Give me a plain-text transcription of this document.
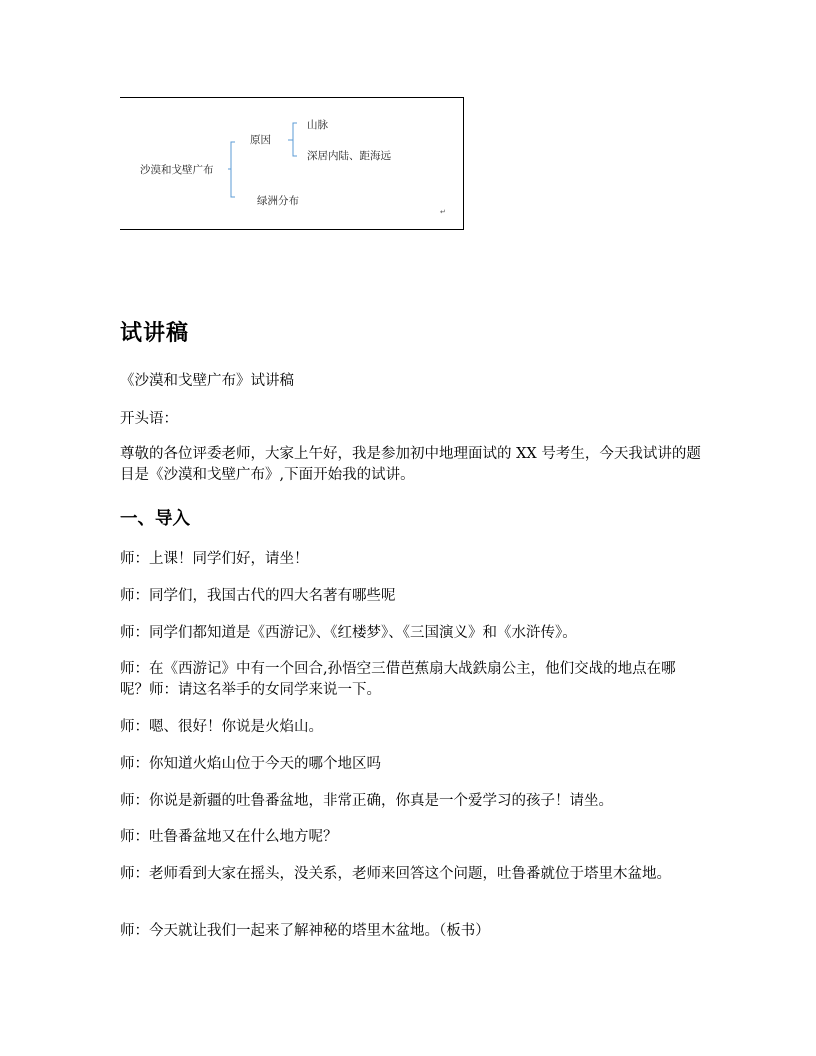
沙漠和戈壁广布
原因
山脉
深居内陆、距海远
绿洲分布
↵
试讲稿
《沙漠和戈壁广布》试讲稿
开头语：
尊敬的各位评委老师，大家上午好，我是参加初中地理面试的 XX 号考生，今天我试讲的题目是《沙漠和戈壁广布》,下面开始我的试讲。
一、导入
师：上课！同学们好，请坐！
师：同学们，我国古代的四大名著有哪些呢
师：同学们都知道是《西游记》、《红楼梦》、《三国演义》和《水浒传》。
师：在《西游记》中有一个回合,孙悟空三借芭蕉扇大战鉄扇公主，他们交战的地点在哪呢？师：请这名举手的女同学来说一下。
师：嗯、很好！你说是火焰山。
师：你知道火焰山位于今天的哪个地区吗
师：你说是新疆的吐鲁番盆地，非常正确，你真是一个爱学习的孩子！请坐。
师：吐鲁番盆地又在什么地方呢？
师：老师看到大家在摇头，没关系，老师来回答这个问题，吐鲁番就位于塔里木盆地。
师：今天就让我们一起来了解神秘的塔里木盆地。（板书）
